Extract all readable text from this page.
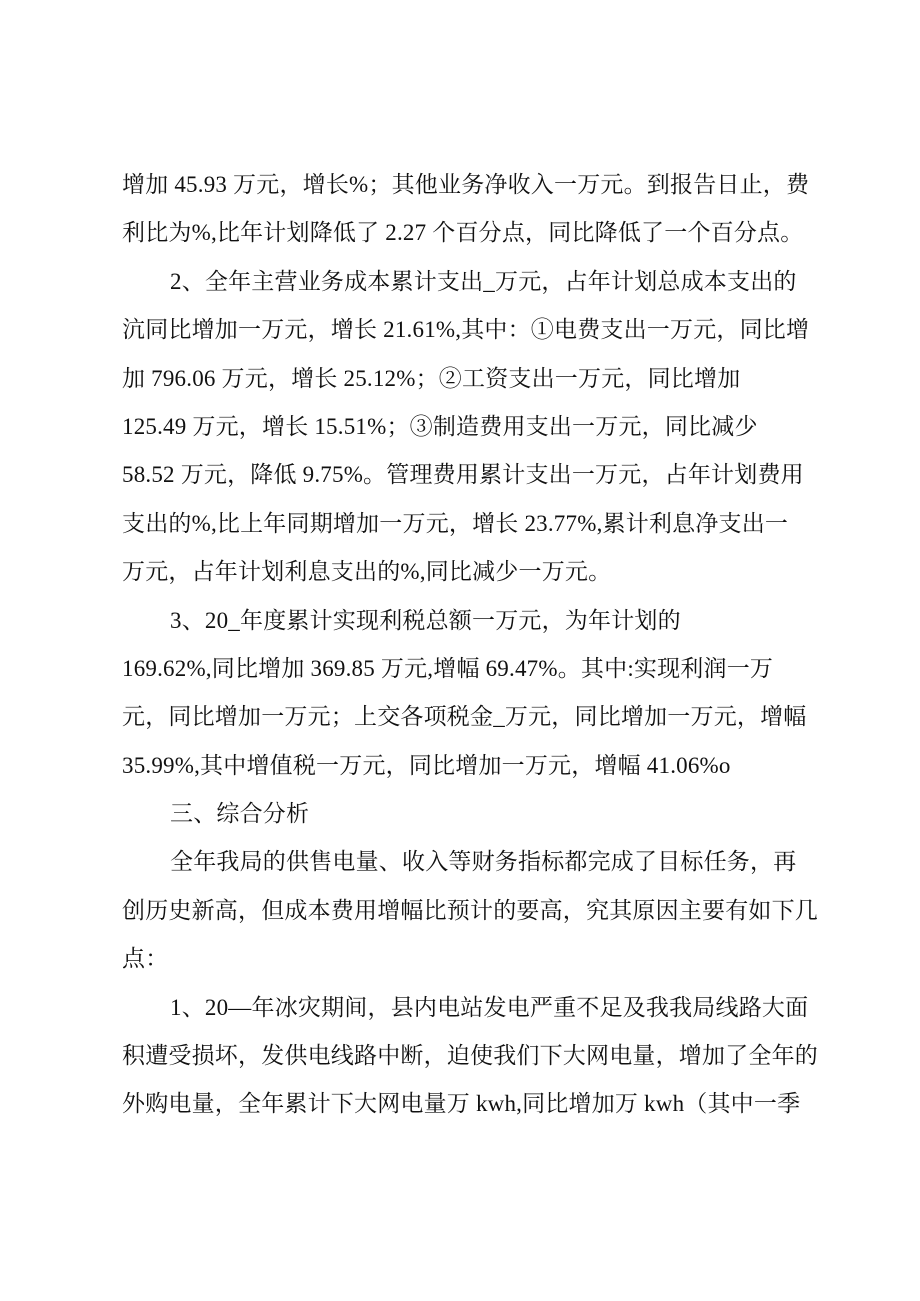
增加 45.93 万元，增长%；其他业务净收入一万元。到报告日止，费
利比为%,比年计划降低了 2.27 个百分点，同比降低了一个百分点。
2、全年主营业务成本累计支出_万元，占年计划总成本支出的
沆同比增加一万元，增长 21.61%,其中：①电费支出一万元，同比增
加 796.06 万元，增长 25.12%；②工资支出一万元，同比增加
125.49 万元，增长 15.51%；③制造费用支出一万元，同比减少
58.52 万元，降低 9.75%。管理费用累计支出一万元，占年计划费用
支出的%,比上年同期增加一万元，增长 23.77%,累计利息净支出一
万元，占年计划利息支出的%,同比减少一万元。
3、20_年度累计实现利税总额一万元，为年计划的
169.62%,同比增加 369.85 万元,增幅 69.47%。其中:实现利润一万
元，同比增加一万元；上交各项税金_万元，同比增加一万元，增幅
35.99%,其中增值税一万元，同比增加一万元，增幅 41.06%o
三、综合分析
全年我局的供售电量、收入等财务指标都完成了目标任务，再
创历史新高，但成本费用增幅比预计的要高，究其原因主要有如下几
点：
1、20—年冰灾期间，县内电站发电严重不足及我我局线路大面
积遭受损坏，发供电线路中断，迫使我们下大网电量，增加了全年的
外购电量，全年累计下大网电量万 kwh,同比增加万 kwh（其中一季
